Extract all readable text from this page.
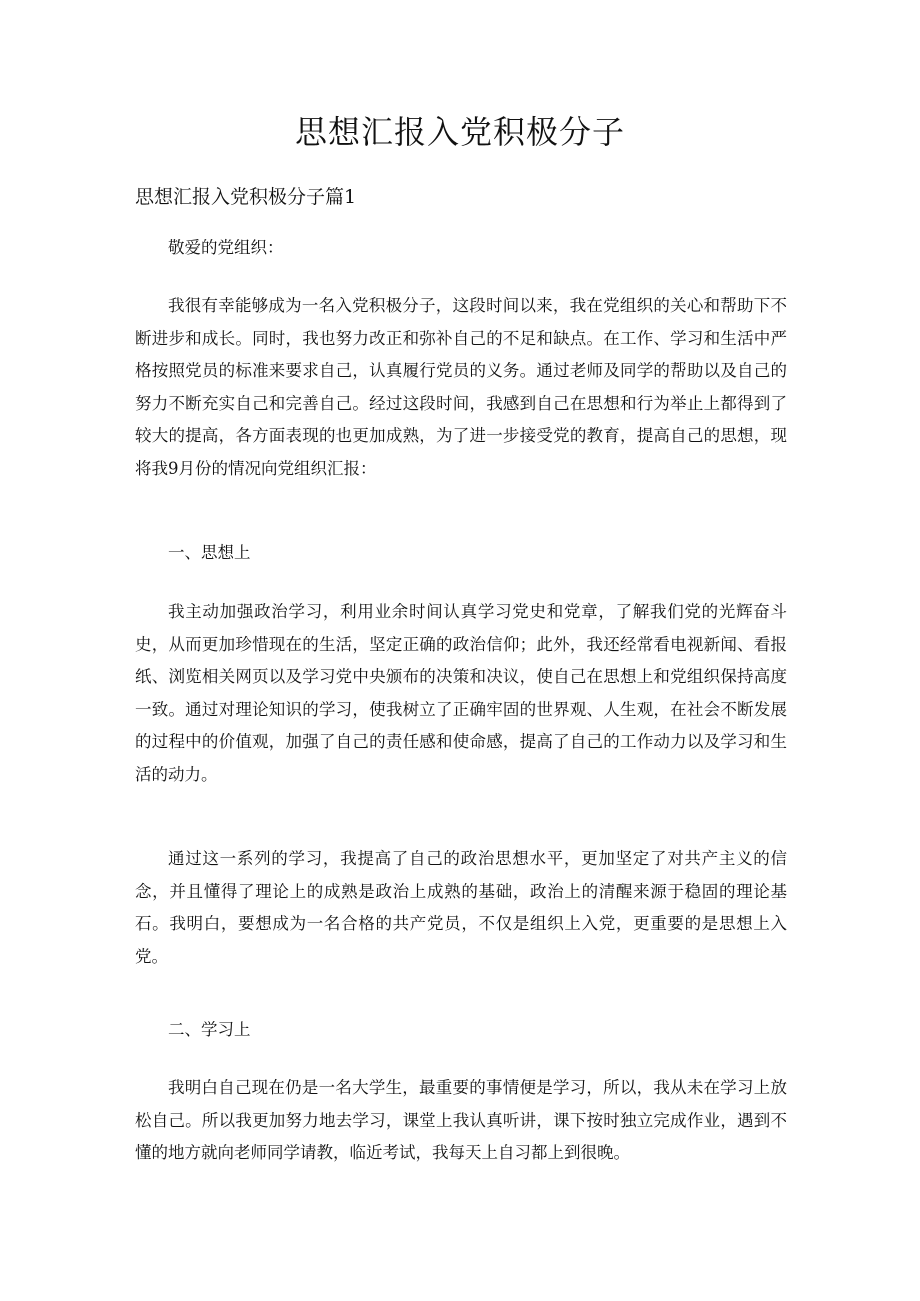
思想汇报入党积极分子
思想汇报入党积极分子篇1

敬爱的党组织：

我很有幸能够成为一名入党积极分子，这段时间以来，我在党组织的关心和帮助下不断进步和成长。同时，我也努力改正和弥补自己的不足和缺点。在工作、学习和生活中严格按照党员的标准来要求自己，认真履行党员的义务。通过老师及同学的帮助以及自己的努力不断充实自己和完善自己。经过这段时间，我感到自己在思想和行为举止上都得到了较大的提高，各方面表现的也更加成熟，为了进一步接受党的教育，提高自己的思想，现将我9月份的情况向党组织汇报：

一、思想上

我主动加强政治学习，利用业余时间认真学习党史和党章，了解我们党的光辉奋斗史，从而更加珍惜现在的生活，坚定正确的政治信仰；此外，我还经常看电视新闻、看报纸、浏览相关网页以及学习党中央颁布的决策和决议，使自己在思想上和党组织保持高度一致。通过对理论知识的学习，使我树立了正确牢固的世界观、人生观，在社会不断发展的过程中的价值观，加强了自己的责任感和使命感，提高了自己的工作动力以及学习和生活的动力。

通过这一系列的学习，我提高了自己的政治思想水平，更加坚定了对共产主义的信念，并且懂得了理论上的成熟是政治上成熟的基础，政治上的清醒来源于稳固的理论基石。我明白，要想成为一名合格的共产党员，不仅是组织上入党，更重要的是思想上入党。

二、学习上

我明白自己现在仍是一名大学生，最重要的事情便是学习，所以，我从未在学习上放松自己。所以我更加努力地去学习，课堂上我认真听讲，课下按时独立完成作业，遇到不懂的地方就向老师同学请教，临近考试，我每天上自习都上到很晚。
